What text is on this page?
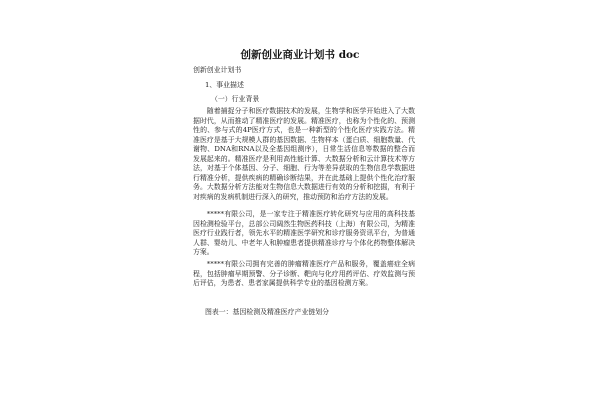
创新创业商业计划书 doc
创新创业计划书
1、事业描述
（一）行业背景

随着捕捉分子和医疗数据技术的发展，生物学和医学开始进入了大数据时代，从而推动了精准医疗的发展。精准医疗，也称为个性化的、预测性的、参与式的4P医疗方式，也是一种新型的个性化医疗实践方法。精准医疗是基于大规模人群的基因数据、生物样本（蛋白质、细胞数量、代谢物、DNA和RNA以及全基因组测序），日常生活信息等数据的整合而发展起来的。精准医疗是利用高性能计算、大数据分析和云计算技术等方法，对基于个体基因、分子、细胞、行为等差异获取的生物信息学数据进行精准分析，提供疾病的精确诊断结果，并在此基础上提供个性化治疗服务。大数据分析方法能对生物信息大数据进行有效的分析和挖掘，有利于对疾病的发病机制进行深入的研究，推动预防和治疗方法的发展。

*****有限公司，是一家专注于精准医疗转化研究与应用的高科技基因检测检验平台，总部公司阔然生物医药科技（上海）有限公司，为精准医疗行业践行者，领先水平的精准医学研究和诊疗服务资讯平台，为普通人群、婴幼儿、中老年人和肿瘤患者提供精准诊疗与个体化药物整体解决方案。

*****有限公司拥有完善的肿瘤精准医疗产品和服务，覆盖癌症全病程，包括肿瘤早期预警、分子诊断、靶向与化疗用药评估、疗效监测与预后评估，为患者、患者家属提供科学专业的基因检测方案。

图表一：基因检测及精准医疗产业链划分
